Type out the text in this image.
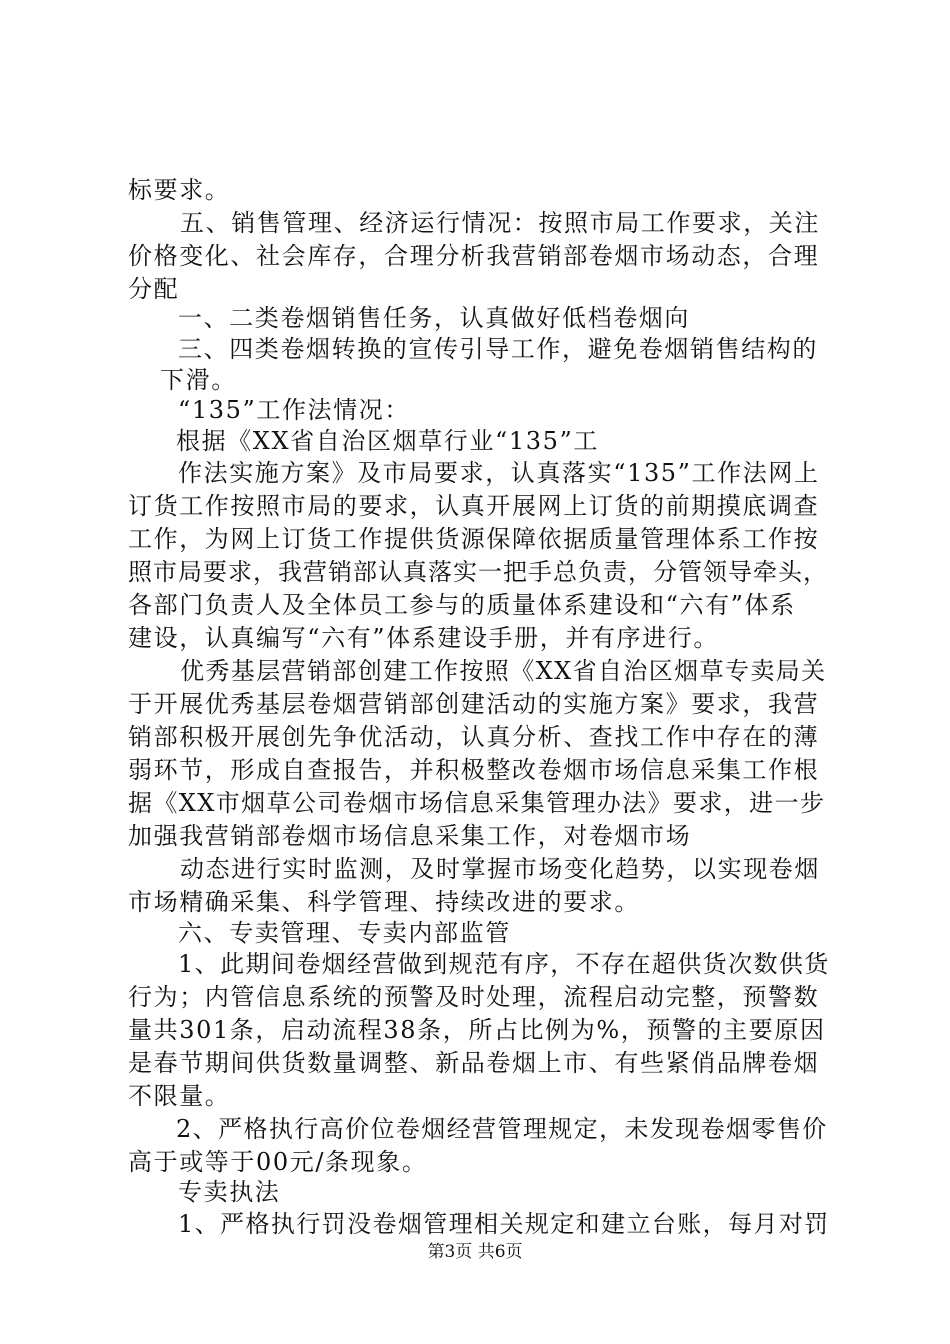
标要求。
五、销售管理、经济运行情况：按照市局工作要求，关注
价格变化、社会库存，合理分析我营销部卷烟市场动态，合理
分配
一、二类卷烟销售任务，认真做好低档卷烟向
三、四类卷烟转换的宣传引导工作，避免卷烟销售结构的
下滑。
“135”工作法情况：
根据《XX省自治区烟草行业“135”工
作法实施方案》及市局要求，认真落实“135”工作法网上
订货工作按照市局的要求，认真开展网上订货的前期摸底调查
工作，为网上订货工作提供货源保障依据质量管理体系工作按
照市局要求，我营销部认真落实一把手总负责，分管领导牵头，
各部门负责人及全体员工参与的质量体系建设和“六有”体系
建设，认真编写“六有”体系建设手册，并有序进行。
优秀基层营销部创建工作按照《XX省自治区烟草专卖局关
于开展优秀基层卷烟营销部创建活动的实施方案》要求，我营
销部积极开展创先争优活动，认真分析、查找工作中存在的薄
弱环节，形成自查报告，并积极整改卷烟市场信息采集工作根
据《XX市烟草公司卷烟市场信息采集管理办法》要求，进一步
加强我营销部卷烟市场信息采集工作，对卷烟市场
动态进行实时监测，及时掌握市场变化趋势，以实现卷烟
市场精确采集、科学管理、持续改进的要求。
六、专卖管理、专卖内部监管
1、此期间卷烟经营做到规范有序，不存在超供货次数供货
行为；内管信息系统的预警及时处理，流程启动完整，预警数
量共301条，启动流程38条，所占比例为%，预警的主要原因
是春节期间供货数量调整、新品卷烟上市、有些紧俏品牌卷烟
不限量。
2、严格执行高价位卷烟经营管理规定，未发现卷烟零售价
高于或等于00元/条现象。
专卖执法
1、严格执行罚没卷烟管理相关规定和建立台账，每月对罚
第3页 共6页
